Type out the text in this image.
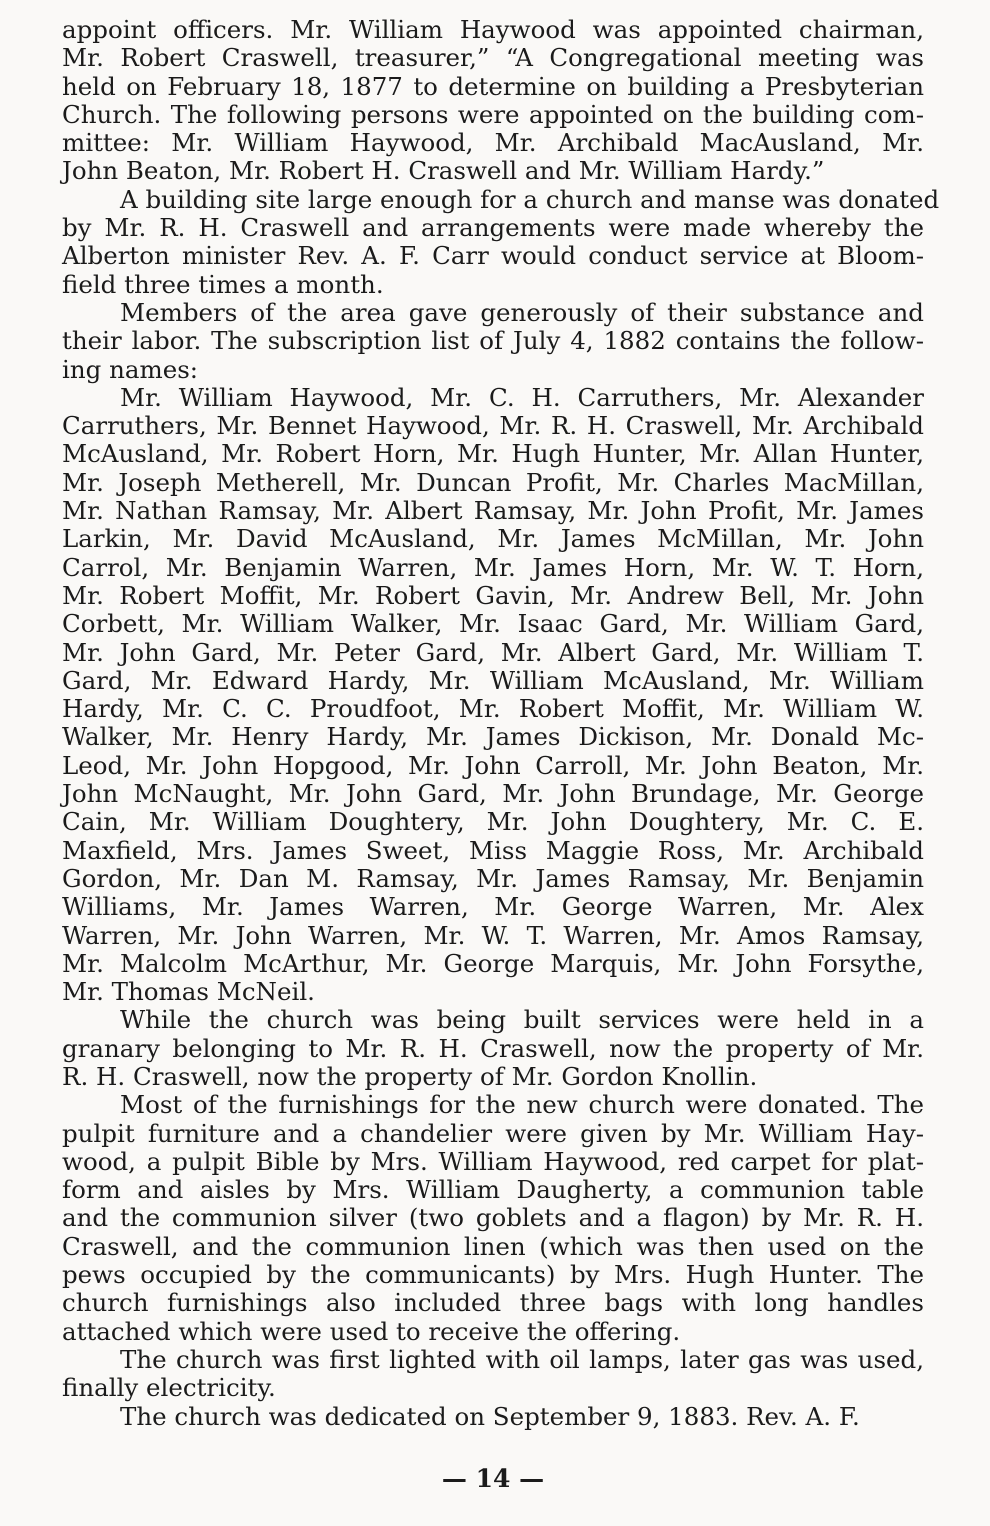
appoint officers. Mr. William Haywood was appointed chairman,
Mr. Robert Craswell, treasurer,” “A Congregational meeting was
held on February 18, 1877 to determine on building a Presbyterian
Church. The following persons were appointed on the building com-
mittee: Mr. William Haywood, Mr. Archibald MacAusland, Mr.
John Beaton, Mr. Robert H. Craswell and Mr. William Hardy.”
A building site large enough for a church and manse was donated
by Mr. R. H. Craswell and arrangements were made whereby the
Alberton minister Rev. A. F. Carr would conduct service at Bloom-
field three times a month.
Members of the area gave generously of their substance and
their labor. The subscription list of July 4, 1882 contains the follow-
ing names:
Mr. William Haywood, Mr. C. H. Carruthers, Mr. Alexander
Carruthers, Mr. Bennet Haywood, Mr. R. H. Craswell, Mr. Archibald
McAusland, Mr. Robert Horn, Mr. Hugh Hunter, Mr. Allan Hunter,
Mr. Joseph Metherell, Mr. Duncan Profit, Mr. Charles MacMillan,
Mr. Nathan Ramsay, Mr. Albert Ramsay, Mr. John Profit, Mr. James
Larkin, Mr. David McAusland, Mr. James McMillan, Mr. John
Carrol, Mr. Benjamin Warren, Mr. James Horn, Mr. W. T. Horn,
Mr. Robert Moffit, Mr. Robert Gavin, Mr. Andrew Bell, Mr. John
Corbett, Mr. William Walker, Mr. Isaac Gard, Mr. William Gard,
Mr. John Gard, Mr. Peter Gard, Mr. Albert Gard, Mr. William T.
Gard, Mr. Edward Hardy, Mr. William McAusland, Mr. William
Hardy, Mr. C. C. Proudfoot, Mr. Robert Moffit, Mr. William W.
Walker, Mr. Henry Hardy, Mr. James Dickison, Mr. Donald Mc-
Leod, Mr. John Hopgood, Mr. John Carroll, Mr. John Beaton, Mr.
John McNaught, Mr. John Gard, Mr. John Brundage, Mr. George
Cain, Mr. William Doughtery, Mr. John Doughtery, Mr. C. E.
Maxfield, Mrs. James Sweet, Miss Maggie Ross, Mr. Archibald
Gordon, Mr. Dan M. Ramsay, Mr. James Ramsay, Mr. Benjamin
Williams, Mr. James Warren, Mr. George Warren, Mr. Alex
Warren, Mr. John Warren, Mr. W. T. Warren, Mr. Amos Ramsay,
Mr. Malcolm McArthur, Mr. George Marquis, Mr. John Forsythe,
Mr. Thomas McNeil.
While the church was being built services were held in a
granary belonging to Mr. R. H. Craswell, now the property of Mr.
R. H. Craswell, now the property of Mr. Gordon Knollin.
Most of the furnishings for the new church were donated. The
pulpit furniture and a chandelier were given by Mr. William Hay-
wood, a pulpit Bible by Mrs. William Haywood, red carpet for plat-
form and aisles by Mrs. William Daugherty, a communion table
and the communion silver (two goblets and a flagon) by Mr. R. H.
Craswell, and the communion linen (which was then used on the
pews occupied by the communicants) by Mrs. Hugh Hunter. The
church furnishings also included three bags with long handles
attached which were used to receive the offering.
The church was first lighted with oil lamps, later gas was used,
finally electricity.
The church was dedicated on September 9, 1883. Rev. A. F.
— 14 —
